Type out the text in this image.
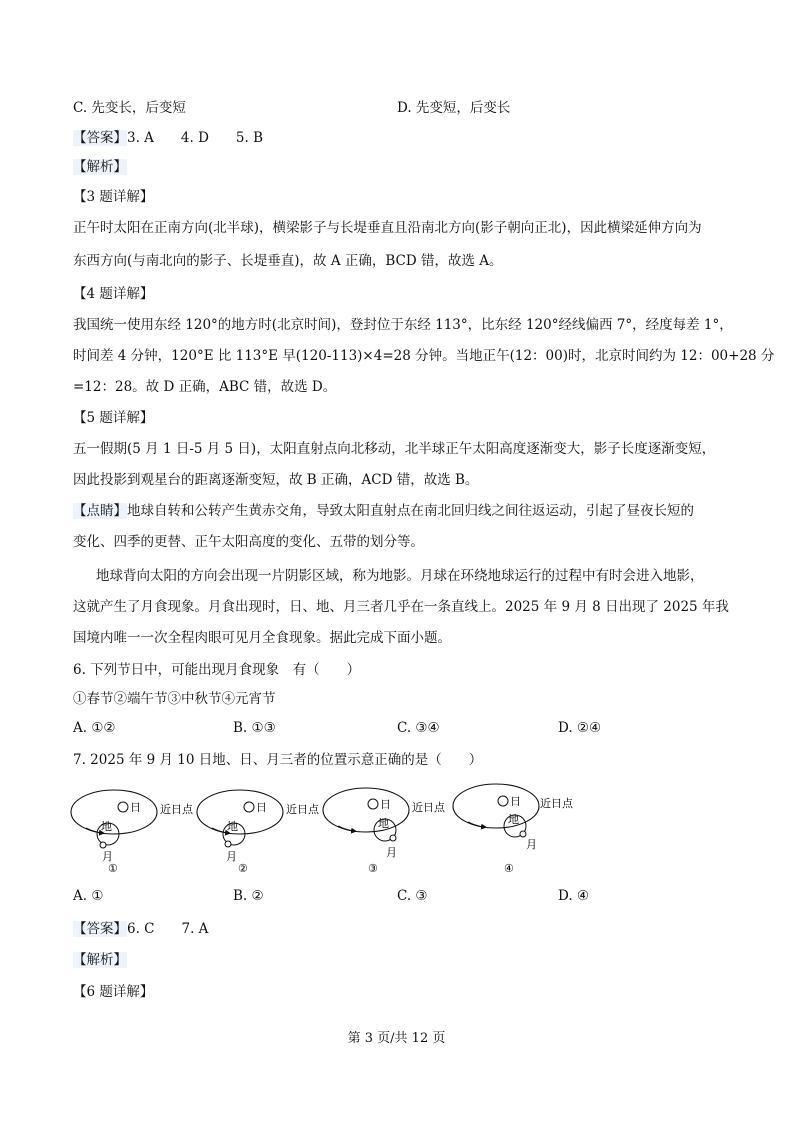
C. 先变长，后变短	D. 先变短，后变长
【答案】3. A　　4. D　　5. B
【解析】
【3 题详解】
正午时太阳在正南方向(北半球)，横梁影子与长堤垂直且沿南北方向(影子朝向正北)，因此横梁延伸方向为
东西方向(与南北向的影子、长堤垂直)，故 A 正确，BCD 错，故选 A。
【4 题详解】
我国统一使用东经 120°的地方时(北京时间)，登封位于东经 113°，比东经 120°经线偏西 7°，经度每差 1°，
时间差 4 分钟，120°E 比 113°E 早(120-113)×4=28 分钟。当地正午(12：00)时，北京时间约为 12：00+28 分
=12：28。故 D 正确，ABC 错，故选 D。
【5 题详解】
五一假期(5 月 1 日-5 月 5 日)，太阳直射点向北移动，北半球正午太阳高度逐渐变大，影子长度逐渐变短，
因此投影到观星台的距离逐渐变短，故 B 正确，ACD 错，故选 B。
【点睛】地球自转和公转产生黄赤交角，导致太阳直射点在南北回归线之间往返运动，引起了昼夜长短的
变化、四季的更替、正午太阳高度的变化、五带的划分等。
地球背向太阳的方向会出现一片阴影区域，称为地影。月球在环绕地球运行的过程中有时会进入地影，
这就产生了月食现象。月食出现时，日、地、月三者几乎在一条直线上。2025 年 9 月 8 日出现了 2025 年我
国境内唯一一次全程肉眼可见月全食现象。据此完成下面小题。
6. 下列节日中，可能出现月食现象　有（　　）
①春节②端午节③中秋节④元宵节
A. ①②	B. ①③	C. ③④	D. ②④
7. 2025 年 9 月 10 日地、日、月三者的位置示意正确的是（　　）
日
地
月
近日点
①
日
地
月
近日点
②
日
地
月
近日点
③
日
地
月
近日点
④
A. ①	B. ②	C. ③	D. ④
【答案】6. C　　7. A
【解析】
【6 题详解】
第 3 页/共 12 页
